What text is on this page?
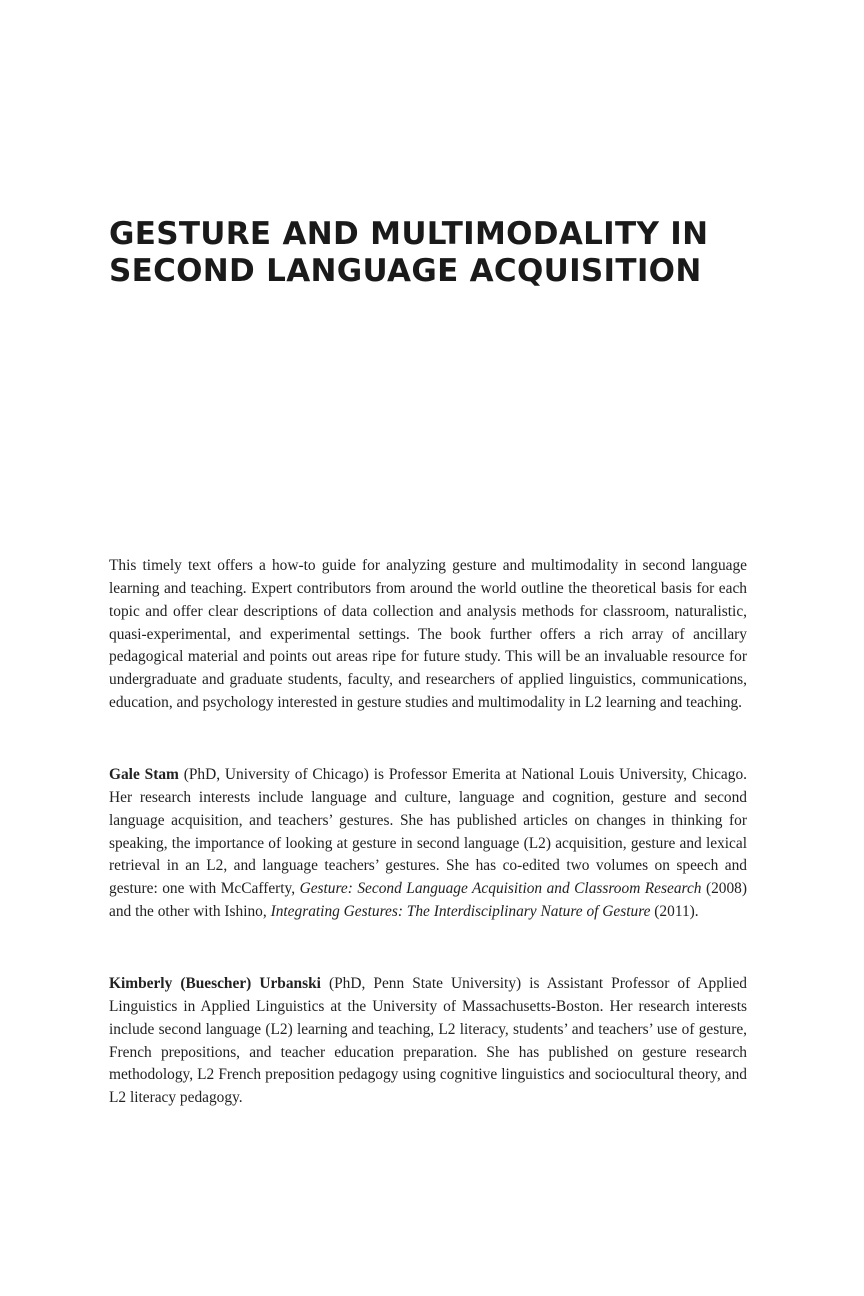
GESTURE AND MULTIMODALITY IN
SECOND LANGUAGE ACQUISITION

This timely text offers a how-to guide for analyzing gesture and multimodality in second language learning and teaching. Expert contributors from around the world outline the theoretical basis for each topic and offer clear descriptions of data collection and analysis methods for classroom, naturalistic, quasi-experimental, and experimental settings. The book further offers a rich array of ancillary pedagogical material and points out areas ripe for future study. This will be an invaluable resource for undergraduate and graduate students, faculty, and researchers of applied linguistics, communications, education, and psychology interested in gesture studies and multimodality in L2 learning and teaching.

Gale Stam (PhD, University of Chicago) is Professor Emerita at National Louis University, Chicago. Her research interests include language and culture, language and cognition, gesture and second language acquisition, and teachers’ gestures. She has published articles on changes in thinking for speaking, the importance of looking at gesture in second language (L2) acquisition, gesture and lexical retrieval in an L2, and language teachers’ gestures. She has co-edited two volumes on speech and gesture: one with McCafferty, Gesture: Second Language Acquisition and Classroom Research (2008) and the other with Ishino, Integrating Gestures: The Interdisciplinary Nature of Gesture (2011).

Kimberly (Buescher) Urbanski (PhD, Penn State University) is Assistant Professor of Applied Linguistics in Applied Linguistics at the University of Massachusetts-Boston. Her research interests include second language (L2) learning and teaching, L2 literacy, students’ and teachers’ use of gesture, French prepositions, and teacher education preparation. She has published on gesture research methodology, L2 French preposition pedagogy using cognitive linguistics and sociocultural theory, and L2 literacy pedagogy.
